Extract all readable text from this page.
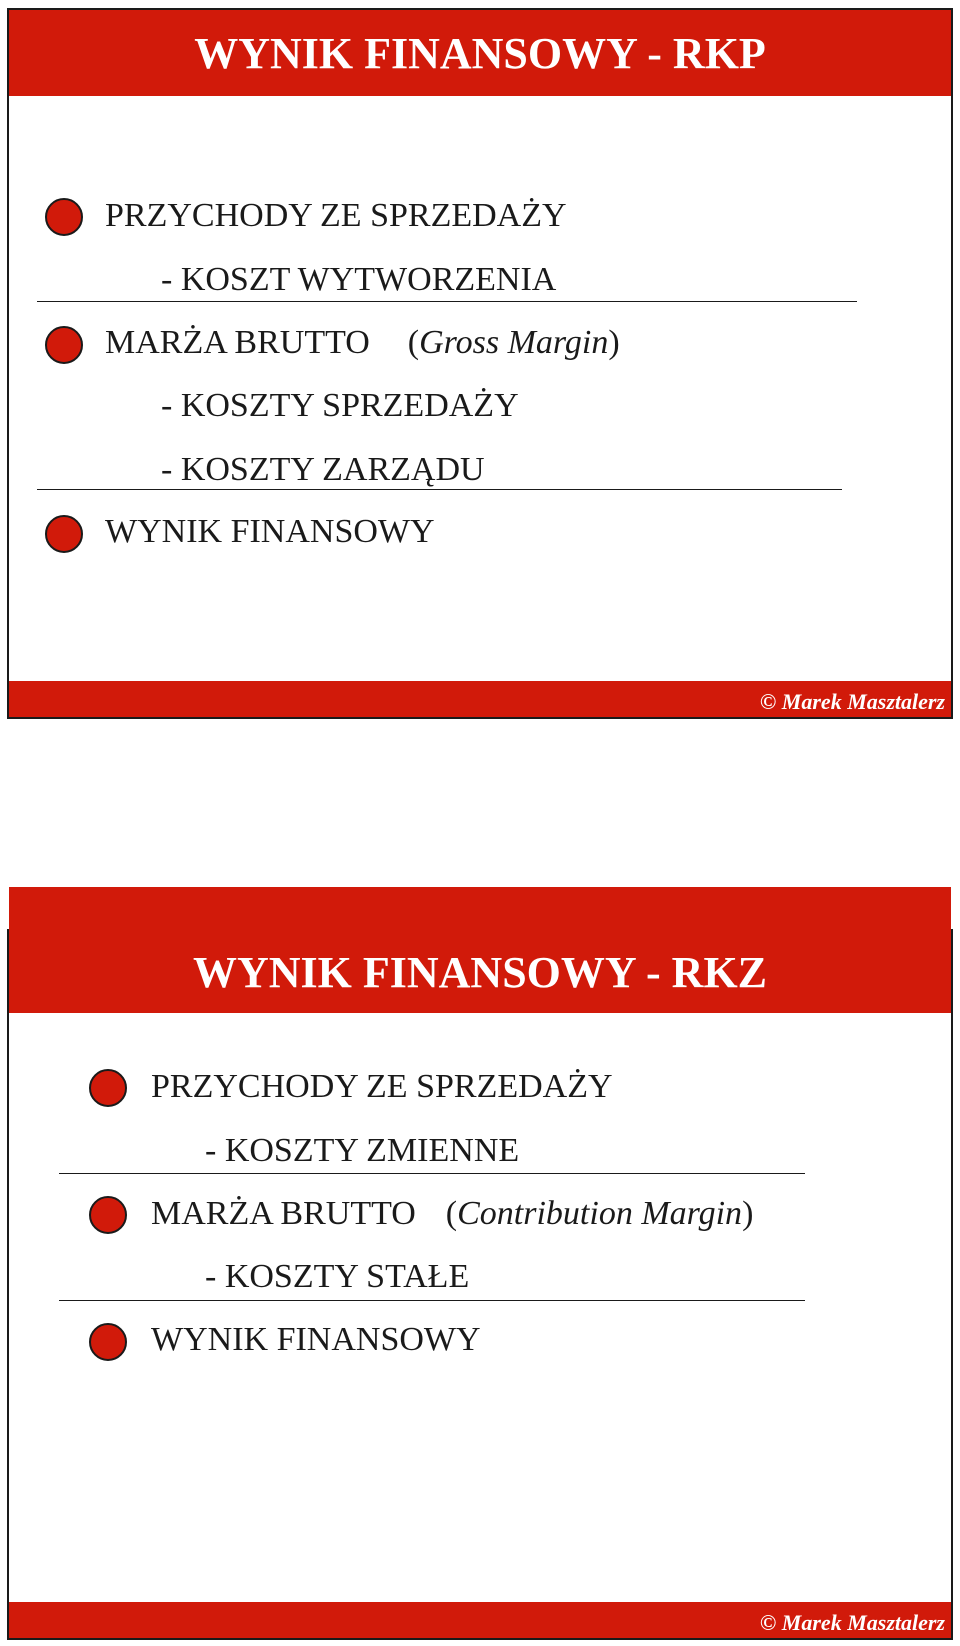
WYNIK FINANSOWY - RKP
PRZYCHODY ZE SPRZEDAŻY
- KOSZT WYTWORZENIA
MARŻA BRUTTO (Gross Margin)
- KOSZTY SPRZEDAŻY
- KOSZTY ZARZĄDU
WYNIK FINANSOWY
© Marek Masztalerz
WYNIK FINANSOWY - RKZ
PRZYCHODY ZE SPRZEDAŻY
- KOSZTY ZMIENNE
MARŻA BRUTTO (Contribution Margin)
- KOSZTY STAŁE
WYNIK FINANSOWY
© Marek Masztalerz
